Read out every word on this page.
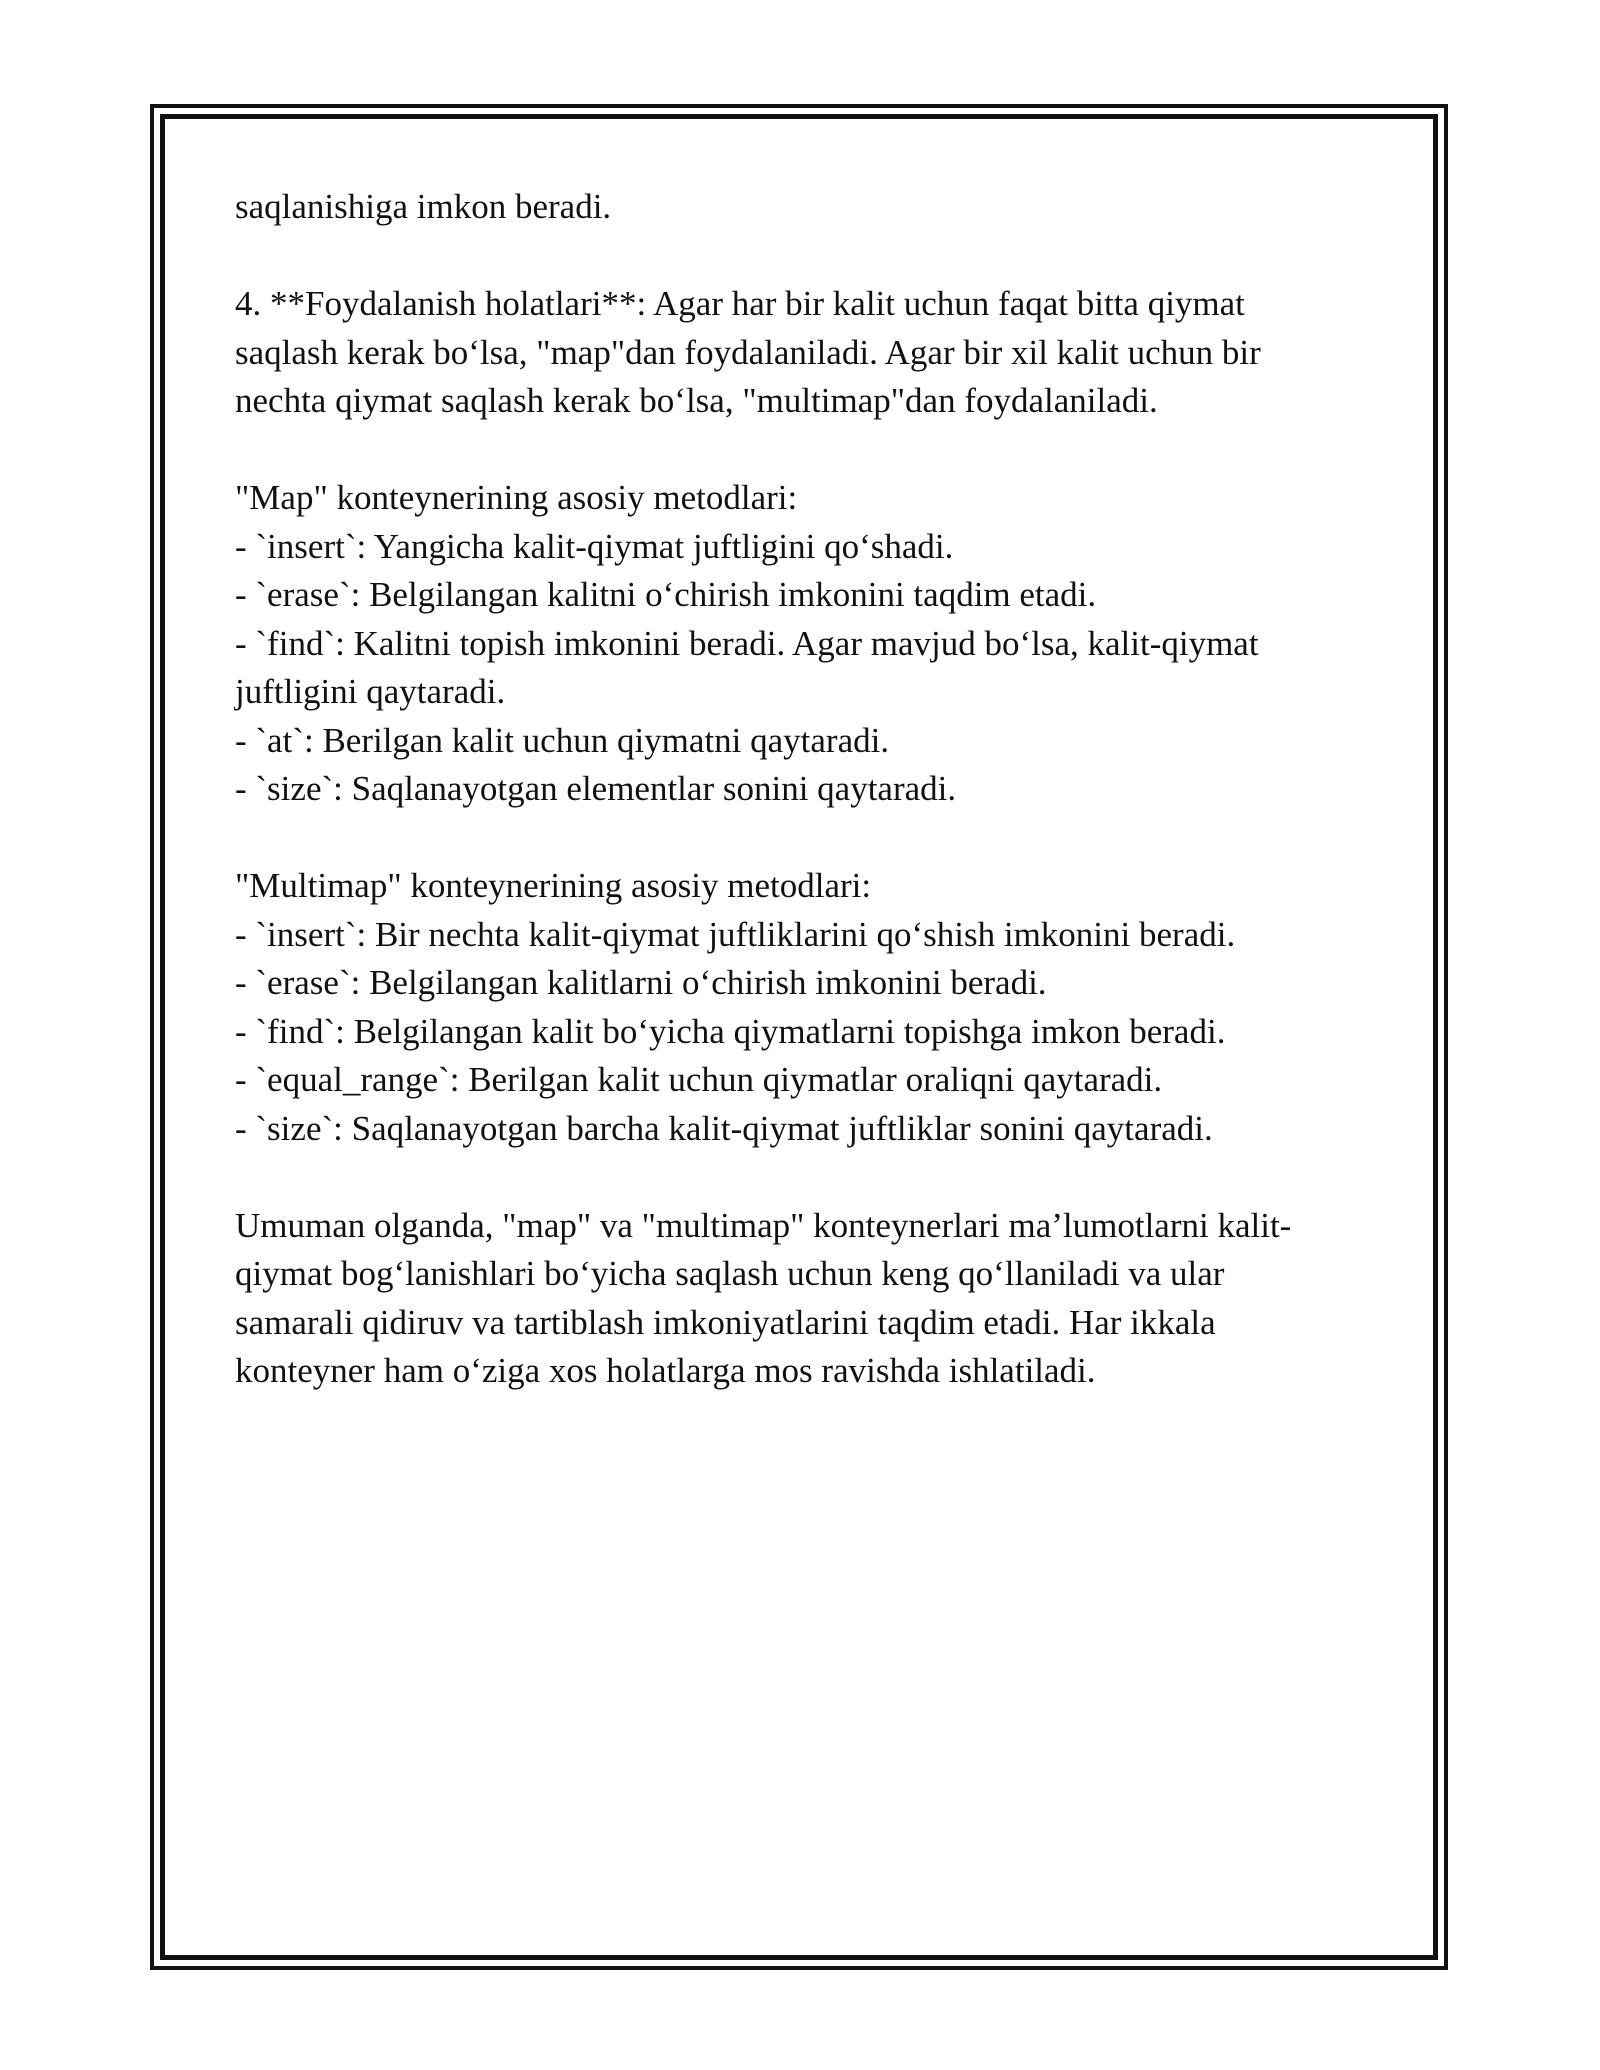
saqlanishiga imkon beradi.
4. **Foydalanish holatlari**: Agar har bir kalit uchun faqat bitta qiymat
saqlash kerak bo‘lsa, "map"dan foydalaniladi. Agar bir xil kalit uchun bir
nechta qiymat saqlash kerak bo‘lsa, "multimap"dan foydalaniladi.
"Map" konteynerining asosiy metodlari:
- `insert`: Yangicha kalit-qiymat juftligini qo‘shadi.
- `erase`: Belgilangan kalitni o‘chirish imkonini taqdim etadi.
- `find`: Kalitni topish imkonini beradi. Agar mavjud bo‘lsa, kalit-qiymat
juftligini qaytaradi.
- `at`: Berilgan kalit uchun qiymatni qaytaradi.
- `size`: Saqlanayotgan elementlar sonini qaytaradi.
"Multimap" konteynerining asosiy metodlari:
- `insert`: Bir nechta kalit-qiymat juftliklarini qo‘shish imkonini beradi.
- `erase`: Belgilangan kalitlarni o‘chirish imkonini beradi.
- `find`: Belgilangan kalit bo‘yicha qiymatlarni topishga imkon beradi.
- `equal_range`: Berilgan kalit uchun qiymatlar oraliqni qaytaradi.
- `size`: Saqlanayotgan barcha kalit-qiymat juftliklar sonini qaytaradi.
Umuman olganda, "map" va "multimap" konteynerlari ma’lumotlarni kalit-
qiymat bog‘lanishlari bo‘yicha saqlash uchun keng qo‘llaniladi va ular
samarali qidiruv va tartiblash imkoniyatlarini taqdim etadi. Har ikkala
konteyner ham o‘ziga xos holatlarga mos ravishda ishlatiladi.
